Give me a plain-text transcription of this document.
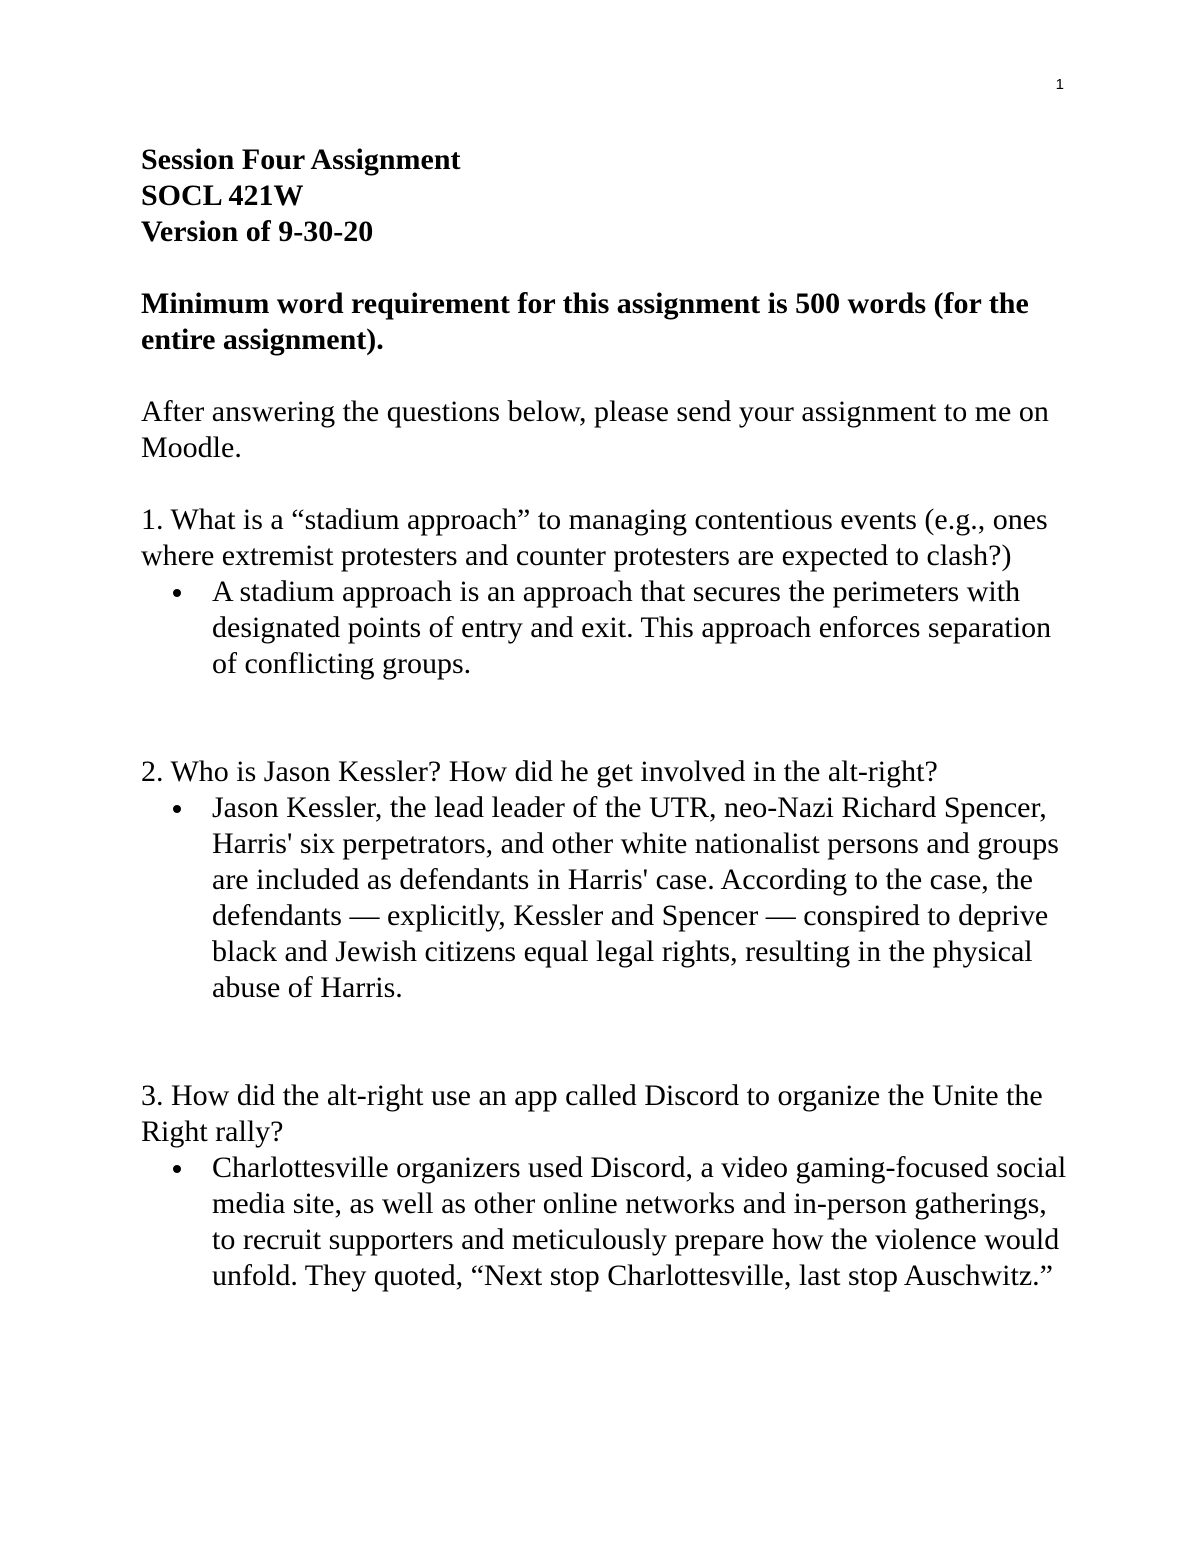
1

Session Four Assignment

SOCL 421W

Version of 9-30-20

Minimum word requirement for this assignment is 500 words (for the entire assignment).

After answering the questions below, please send your assignment to me on Moodle.

1. What is a “stadium approach” to managing contentious events (e.g., ones where extremist protesters and counter protesters are expected to clash?)

A stadium approach is an approach that secures the perimeters with designated points of entry and exit. This approach enforces separation of conflicting groups.

2. Who is Jason Kessler? How did he get involved in the alt-right?

Jason Kessler, the lead leader of the UTR, neo-Nazi Richard Spencer, Harris' six perpetrators, and other white nationalist persons and groups are included as defendants in Harris' case. According to the case, the defendants — explicitly, Kessler and Spencer — conspired to deprive black and Jewish citizens equal legal rights, resulting in the physical abuse of Harris.

3. How did the alt-right use an app called Discord to organize the Unite the Right rally?

Charlottesville organizers used Discord, a video gaming-focused social media site, as well as other online networks and in-person gatherings, to recruit supporters and meticulously prepare how the violence would unfold. They quoted, “Next stop Charlottesville, last stop Auschwitz.”
